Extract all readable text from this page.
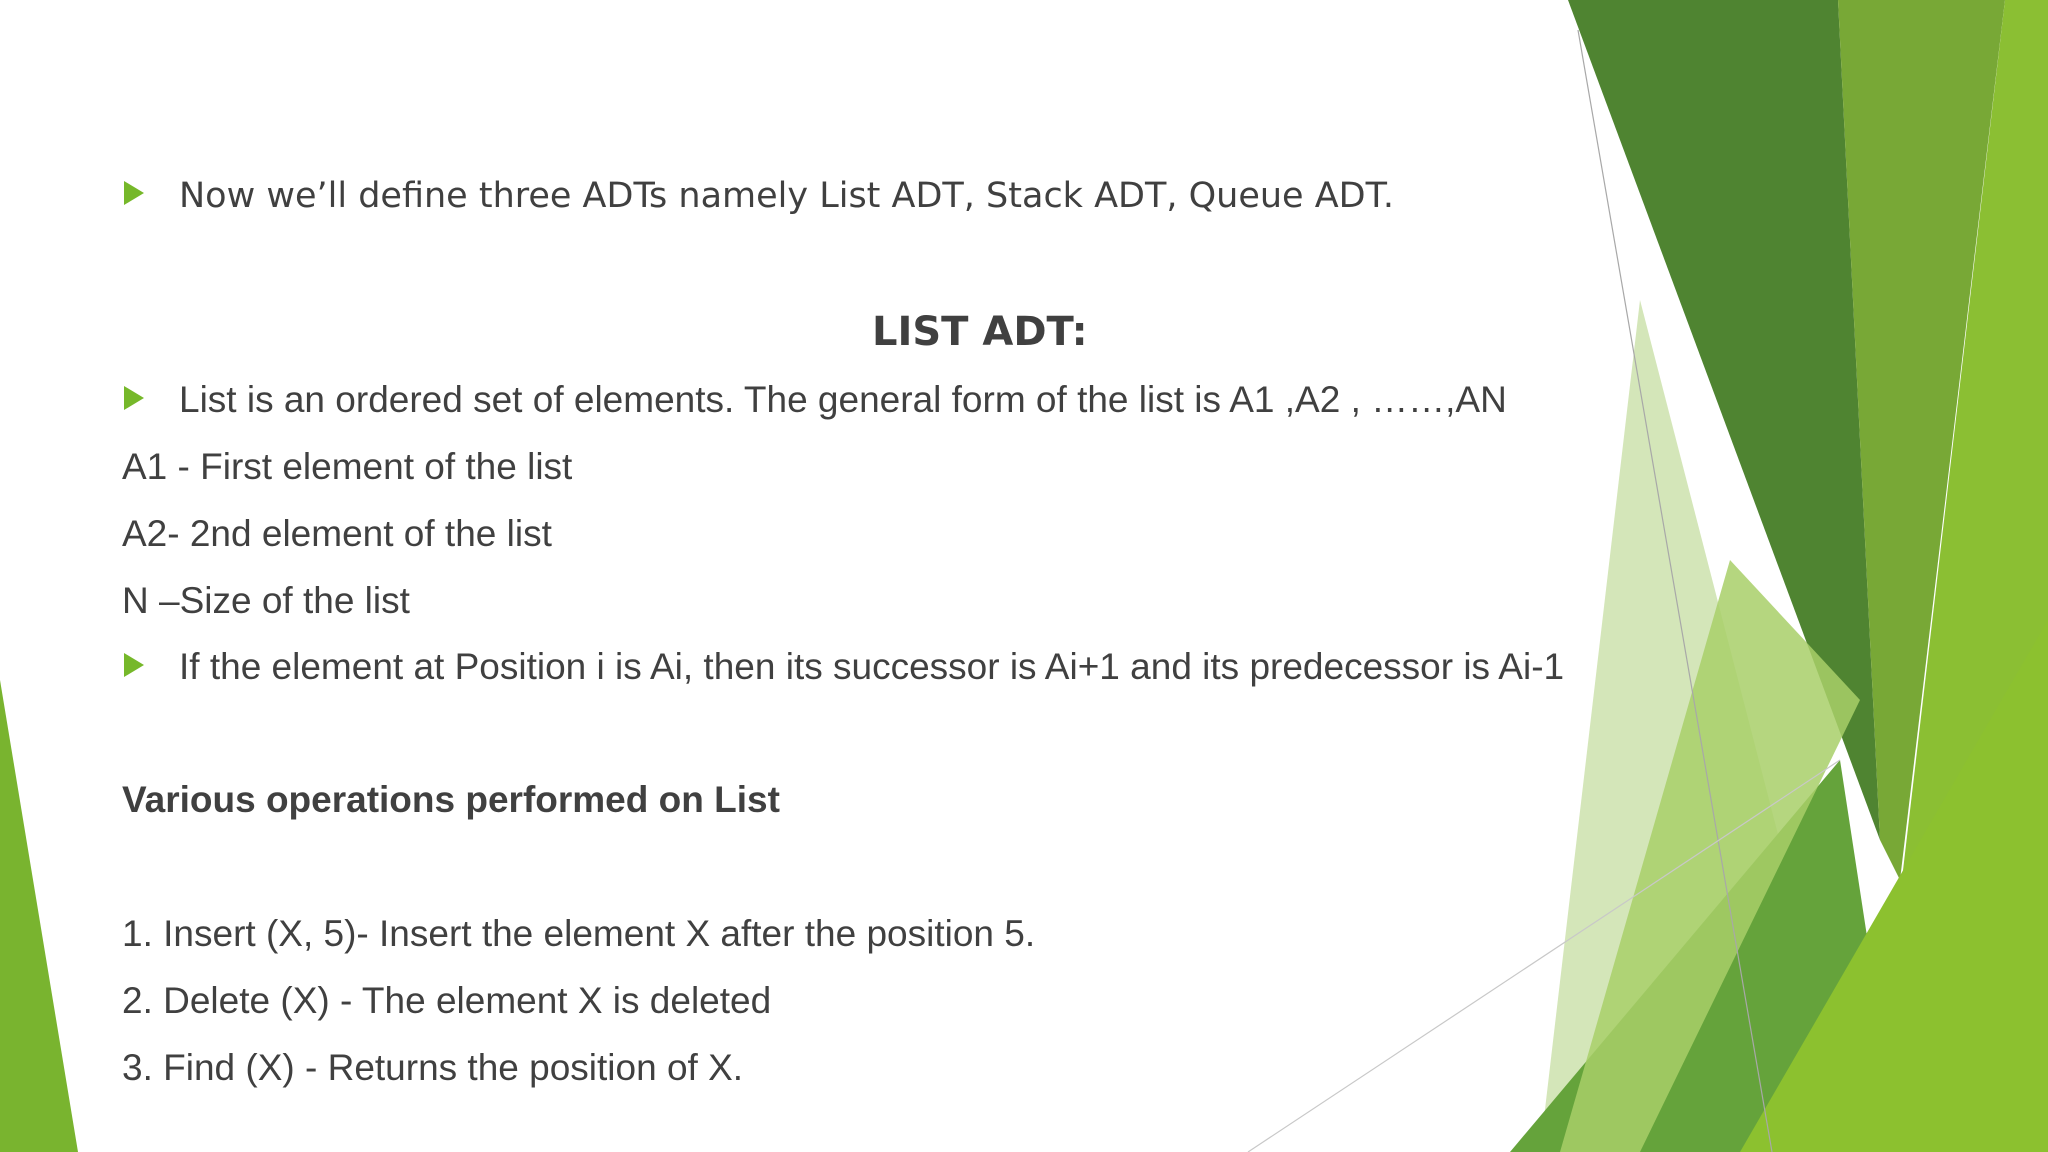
Now we’ll define three ADTs namely List ADT, Stack ADT, Queue ADT.
LIST ADT:
List is an ordered set of elements. The general form of the list is A1 ,A2 , ……,AN
A1 - First element of the list
A2- 2nd element of the list
N –Size of the list
If the element at Position i is Ai, then its successor is Ai+1 and its predecessor is Ai-1
Various operations performed on List
1. Insert (X, 5)- Insert the element X after the position 5.
2. Delete (X) - The element X is deleted
3. Find (X) - Returns the position of X.
